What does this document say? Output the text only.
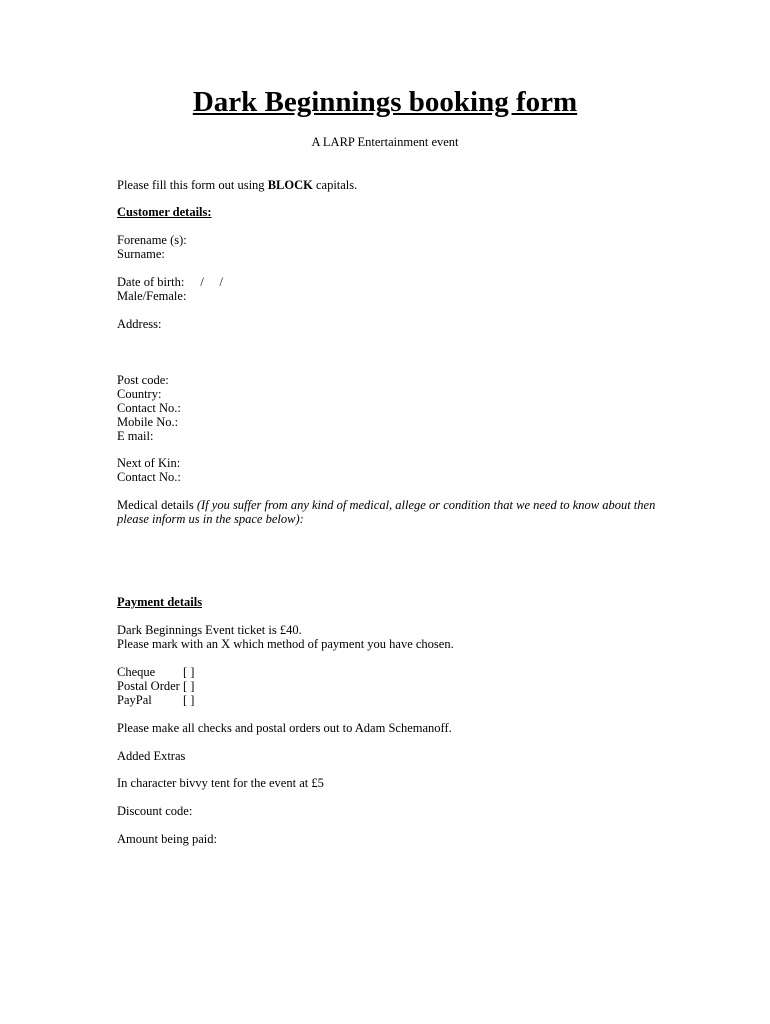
Dark Beginnings booking form
A LARP Entertainment event
Please fill this form out using BLOCK capitals.
Customer details:
Forename (s):
Surname:
Date of birth: /     /
Male/Female:
Address:
Post code:
Country:
Contact No.:
Mobile No.:
E mail:
Next of Kin:
Contact No.:
Medical details (If you suffer from any kind of medical, allege or condition that we need to know about then please inform us in the space below):
Payment details
Dark Beginnings Event ticket is £40.
Please mark with an X which method of payment you have chosen.
Cheque [ ]
Postal Order [ ]
PayPal	[ ]
Please make all checks and postal orders out to Adam Schemanoff.
Added Extras
In character bivvy tent for the event at £5
Discount code:
Amount being paid:
